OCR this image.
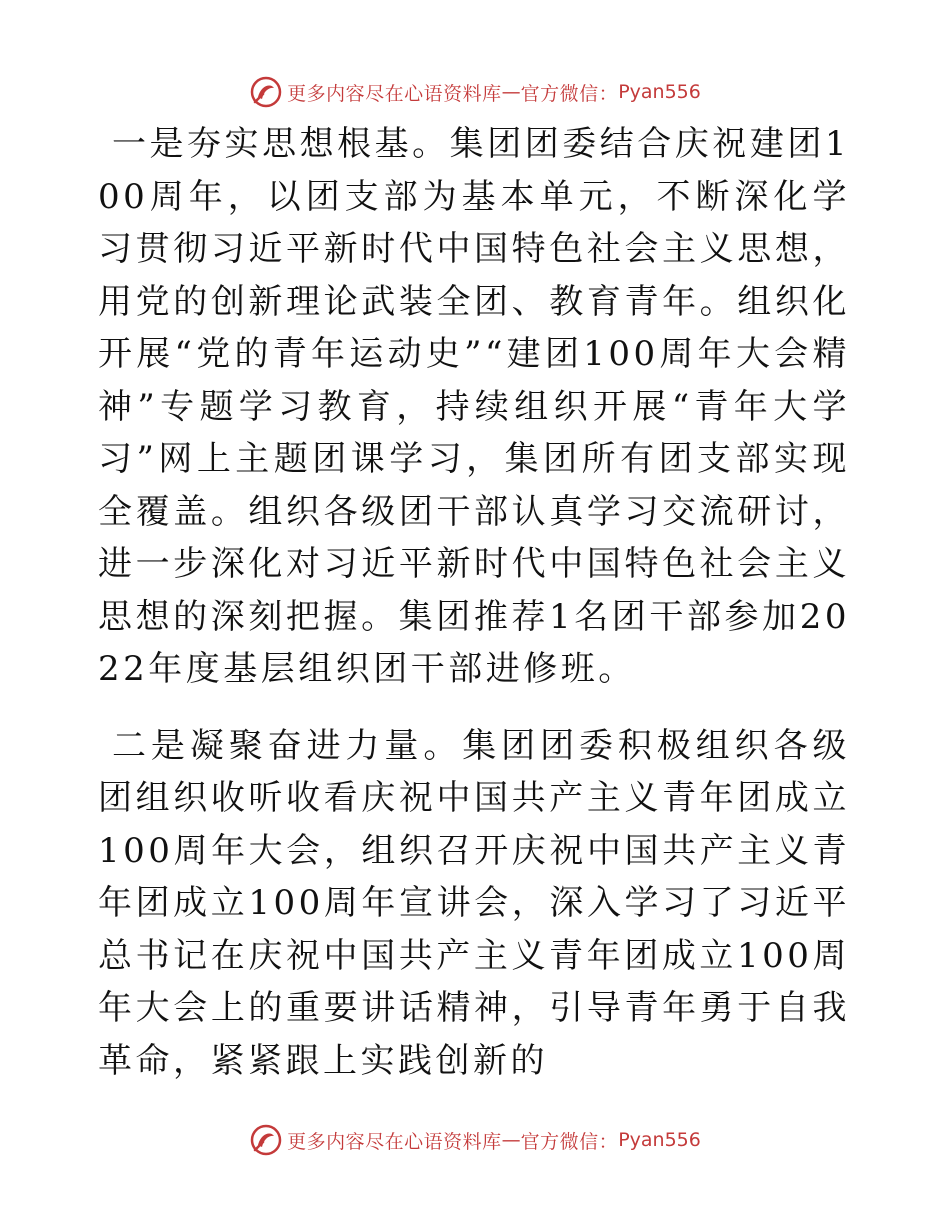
更多内容尽在心语资料库 — 官方微信： Pyan556

一是夯实思想根基。集团团委结合庆祝建团100周年，以团支部为基本单元，不断深化学习贯彻习近平新时代中国特色社会主义思想，用党的创新理论武装全团、教育青年。组织化开展“党的青年运动史”“建团100周年大会精神”专题学习教育，持续组织开展“青年大学习”网上主题团课学习，集团所有团支部实现全覆盖。组织各级团干部认真学习交流研讨，进一步深化对习近平新时代中国特色社会主义思想的深刻把握。集团推荐1名团干部参加2022年度基层组织团干部进修班。

二是凝聚奋进力量。集团团委积极组织各级团组织收听收看庆祝中国共产主义青年团成立100周年大会，组织召开庆祝中国共产主义青年团成立100周年宣讲会，深入学习了习近平总书记在庆祝中国共产主义青年团成立100周年大会上的重要讲话精神，引导青年勇于自我革命，紧紧跟上实践创新的

更多内容尽在心语资料库 — 官方微信： Pyan556
